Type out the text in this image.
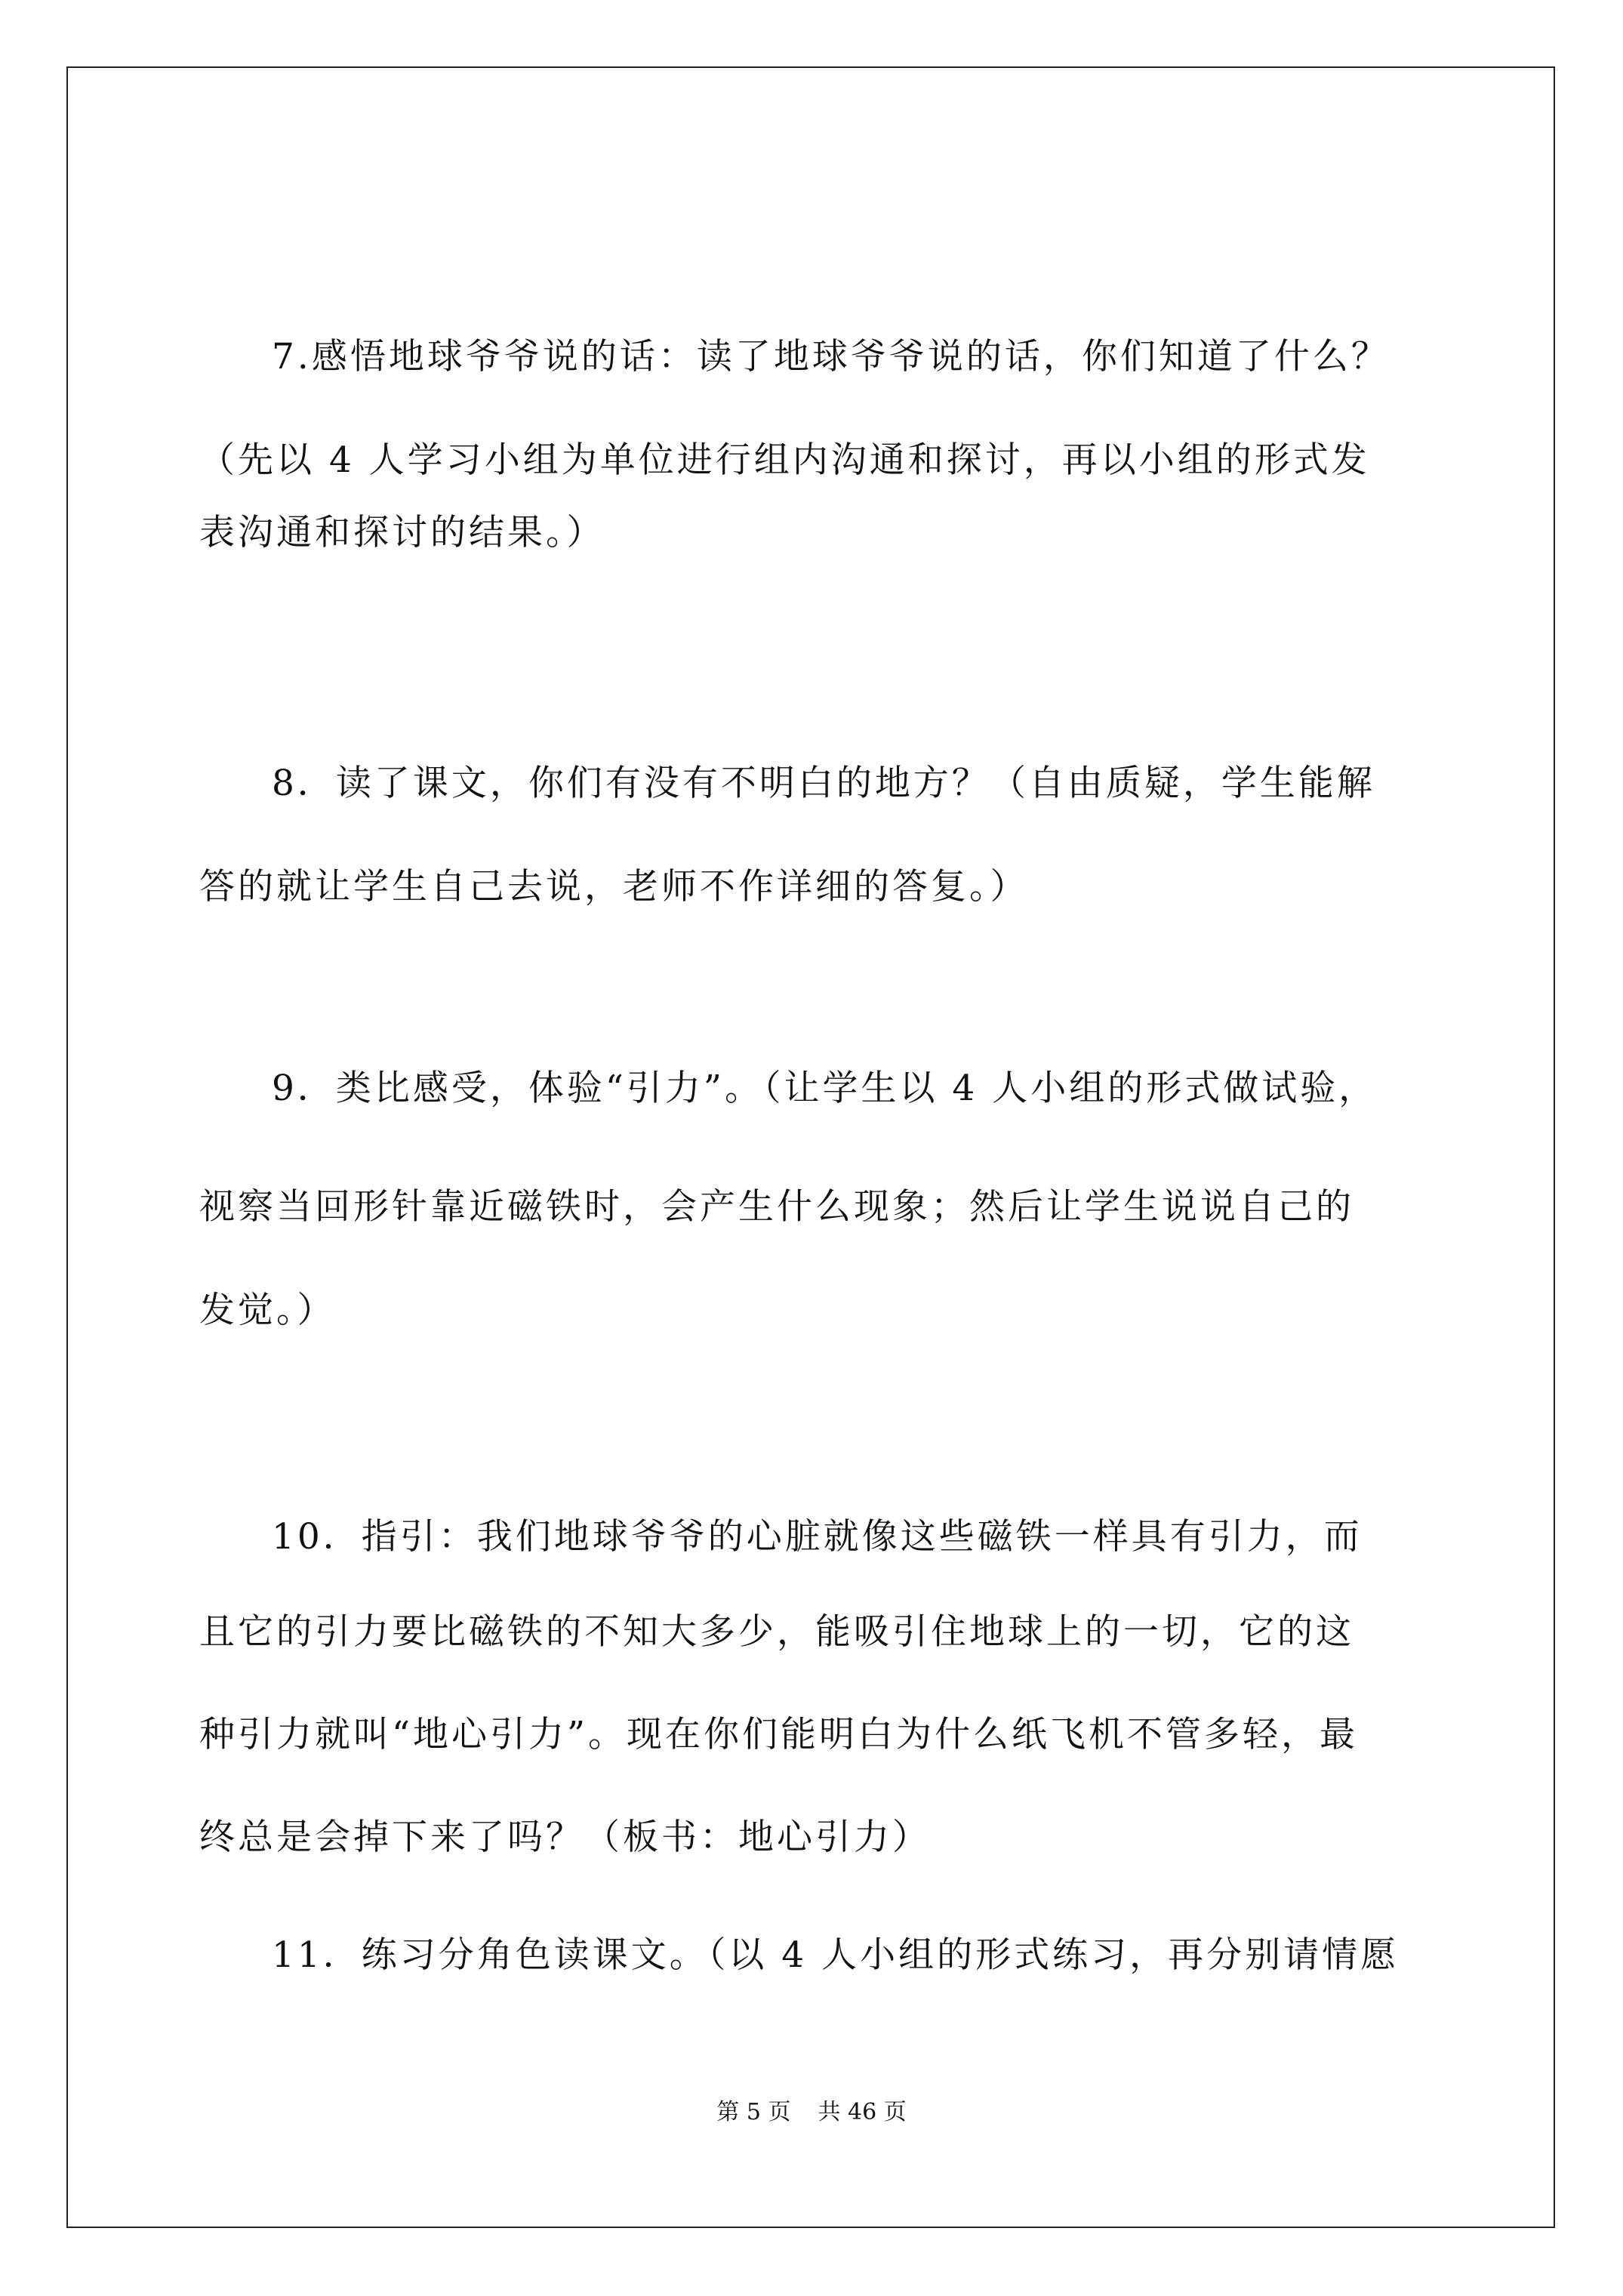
7.感悟地球爷爷说的话：读了地球爷爷说的话，你们知道了什么？
（先以 4 人学习小组为单位进行组内沟通和探讨，再以小组的形式发
表沟通和探讨的结果。）
8．读了课文，你们有没有不明白的地方？（自由质疑，学生能解
答的就让学生自己去说，老师不作详细的答复。）
9．类比感受，体验“引力”。（让学生以 4 人小组的形式做试验，
视察当回形针靠近磁铁时，会产生什么现象；然后让学生说说自己的
发觉。）
10．指引：我们地球爷爷的心脏就像这些磁铁一样具有引力，而
且它的引力要比磁铁的不知大多少，能吸引住地球上的一切，它的这
种引力就叫“地心引力”。现在你们能明白为什么纸飞机不管多轻，最
终总是会掉下来了吗？（板书：地心引力）
11．练习分角色读课文。（以 4 人小组的形式练习，再分别请情愿
第 5 页 共 46 页
